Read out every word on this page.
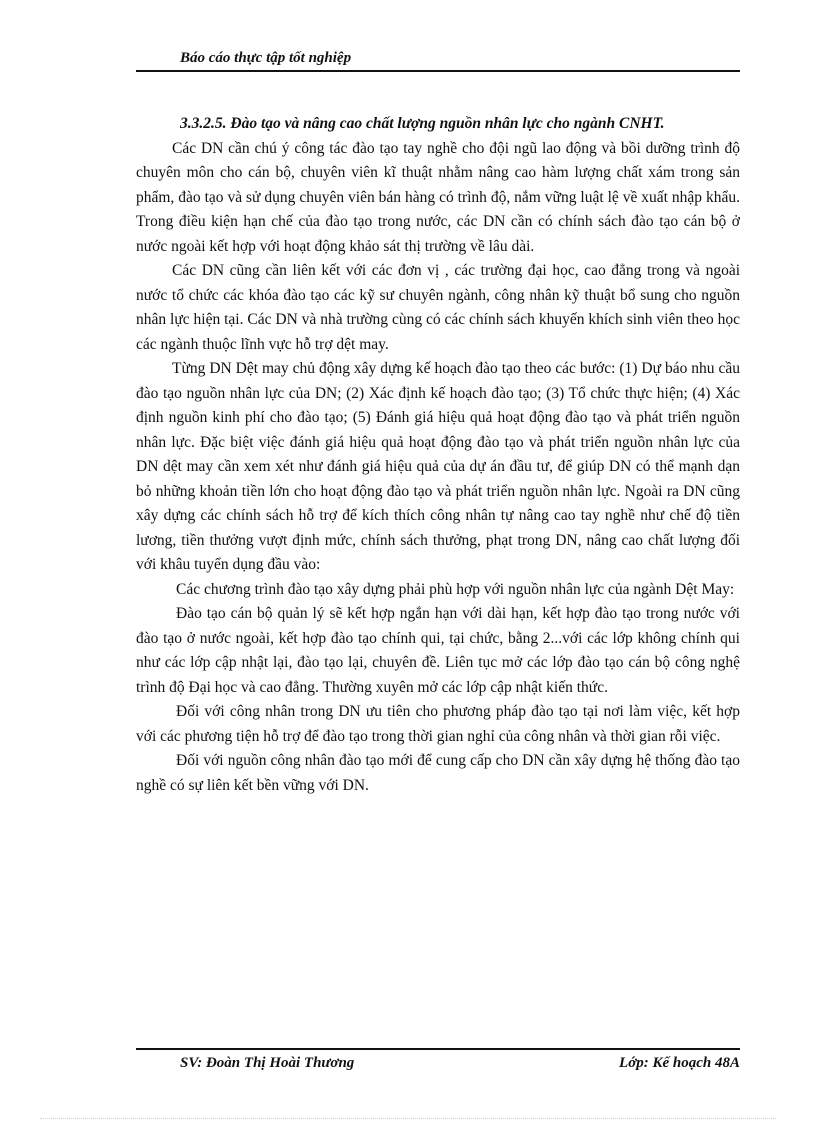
Báo cáo thực tập tốt nghiệp

3.3.2.5. Đào tạo và nâng cao chất lượng nguồn nhân lực cho ngành CNHT.

Các DN cần chú ý công tác đào tạo tay nghề cho đội ngũ lao động và bồi dưỡng trình độ chuyên môn cho cán bộ, chuyên viên kĩ thuật nhằm nâng cao hàm lượng chất xám trong sản phẩm, đào tạo và sử dụng chuyên viên bán hàng có trình độ, nắm vững luật lệ về xuất nhập khẩu. Trong điều kiện hạn chế của đào tạo trong nước, các DN cần có chính sách đào tạo cán bộ ở nước ngoài kết hợp với hoạt động khảo sát thị trường về lâu dài.

Các DN cũng cần liên kết với các đơn vị , các trường đại học, cao đẳng trong và ngoài nước tổ chức các khóa đào tạo các kỹ sư chuyên ngành, công nhân kỹ thuật bổ sung cho nguồn nhân lực hiện tại. Các DN và nhà trường cùng có các chính sách khuyến khích sinh viên theo học các ngành thuộc lĩnh vực hỗ trợ dệt may.

Từng DN Dệt may chủ động xây dựng kế hoạch đào tạo theo các bước: (1) Dự báo nhu cầu đào tạo nguồn nhân lực của DN; (2) Xác định kế hoạch đào tạo; (3) Tổ chức thực hiện; (4) Xác định nguồn kinh phí cho đào tạo; (5) Đánh giá hiệu quả hoạt động đào tạo và phát triển nguồn nhân lực. Đặc biệt việc đánh giá hiệu quả hoạt động đào tạo và phát triển nguồn nhân lực của DN dệt may cần xem xét như đánh giá hiệu quả của dự án đầu tư, để giúp DN có thể mạnh dạn bỏ những khoản tiền lớn cho hoạt động đào tạo và phát triển nguồn nhân lực. Ngoài ra DN cũng xây dựng các chính sách hỗ trợ để kích thích công nhân tự nâng cao tay nghề như chế độ tiền lương, tiền thưởng vượt định mức, chính sách thưởng, phạt trong DN, nâng cao chất lượng đối với khâu tuyển dụng đầu vào:

Các chương trình đào tạo xây dựng phải phù hợp với nguồn nhân lực của ngành Dệt May:

Đào tạo cán bộ quản lý sẽ kết hợp ngắn hạn với dài hạn, kết hợp đào tạo trong nước với đào tạo ở nước ngoài, kết hợp đào tạo chính qui, tại chức, bằng 2...với các lớp không chính qui như các lớp cập nhật lại, đào tạo lại, chuyên đề. Liên tục mở các lớp đào tạo cán bộ công nghệ trình độ Đại học và cao đẳng. Thường xuyên mở các lớp cập nhật kiến thức.

Đối với công nhân trong DN ưu tiên cho phương pháp đào tạo tại nơi làm việc, kết hợp với các phương tiện hỗ trợ để đào tạo trong thời gian nghỉ của công nhân và thời gian rỗi việc.

Đối với nguồn công nhân đào tạo mới để cung cấp cho DN cần xây dựng hệ thống đào tạo nghề có sự liên kết bền vững với DN.

SV: Đoàn Thị Hoài Thương	Lớp: Kế hoạch 48A
